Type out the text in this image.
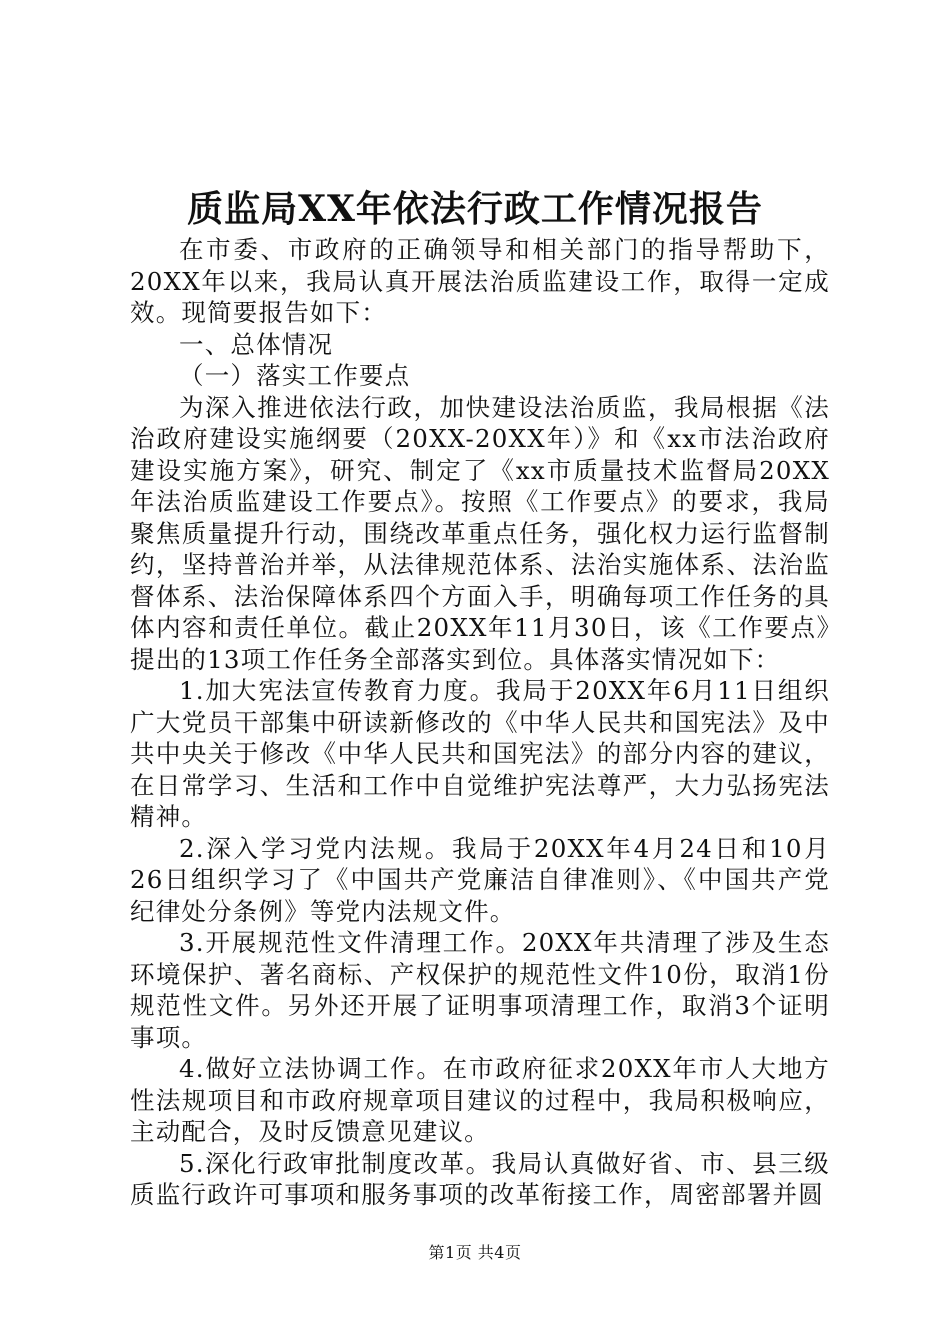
质监局XX年依法行政工作情况报告

在市委、市政府的正确领导和相关部门的指导帮助下，20XX年以来，我局认真开展法治质监建设工作，取得一定成效。现简要报告如下：

一、总体情况

（一）落实工作要点

为深入推进依法行政，加快建设法治质监，我局根据《法治政府建设实施纲要（20XX-20XX年）》和《xx市法治政府建设实施方案》，研究、制定了《xx市质量技术监督局20XX年法治质监建设工作要点》。按照《工作要点》的要求，我局聚焦质量提升行动，围绕改革重点任务，强化权力运行监督制约，坚持普治并举，从法律规范体系、法治实施体系、法治监督体系、法治保障体系四个方面入手，明确每项工作任务的具体内容和责任单位。截止20XX年11月30日，该《工作要点》提出的13项工作任务全部落实到位。具体落实情况如下：

1.加大宪法宣传教育力度。我局于20XX年6月11日组织广大党员干部集中研读新修改的《中华人民共和国宪法》及中共中央关于修改《中华人民共和国宪法》的部分内容的建议，在日常学习、生活和工作中自觉维护宪法尊严，大力弘扬宪法精神。

2.深入学习党内法规。我局于20XX年4月24日和10月26日组织学习了《中国共产党廉洁自律准则》、《中国共产党纪律处分条例》等党内法规文件。

3.开展规范性文件清理工作。20XX年共清理了涉及生态环境保护、著名商标、产权保护的规范性文件10份，取消1份规范性文件。另外还开展了证明事项清理工作，取消3个证明事项。

4.做好立法协调工作。在市政府征求20XX年市人大地方性法规项目和市政府规章项目建议的过程中，我局积极响应，主动配合，及时反馈意见建议。

5.深化行政审批制度改革。我局认真做好省、市、县三级质监行政许可事项和服务事项的改革衔接工作，周密部署并圆

第1页 共4页
